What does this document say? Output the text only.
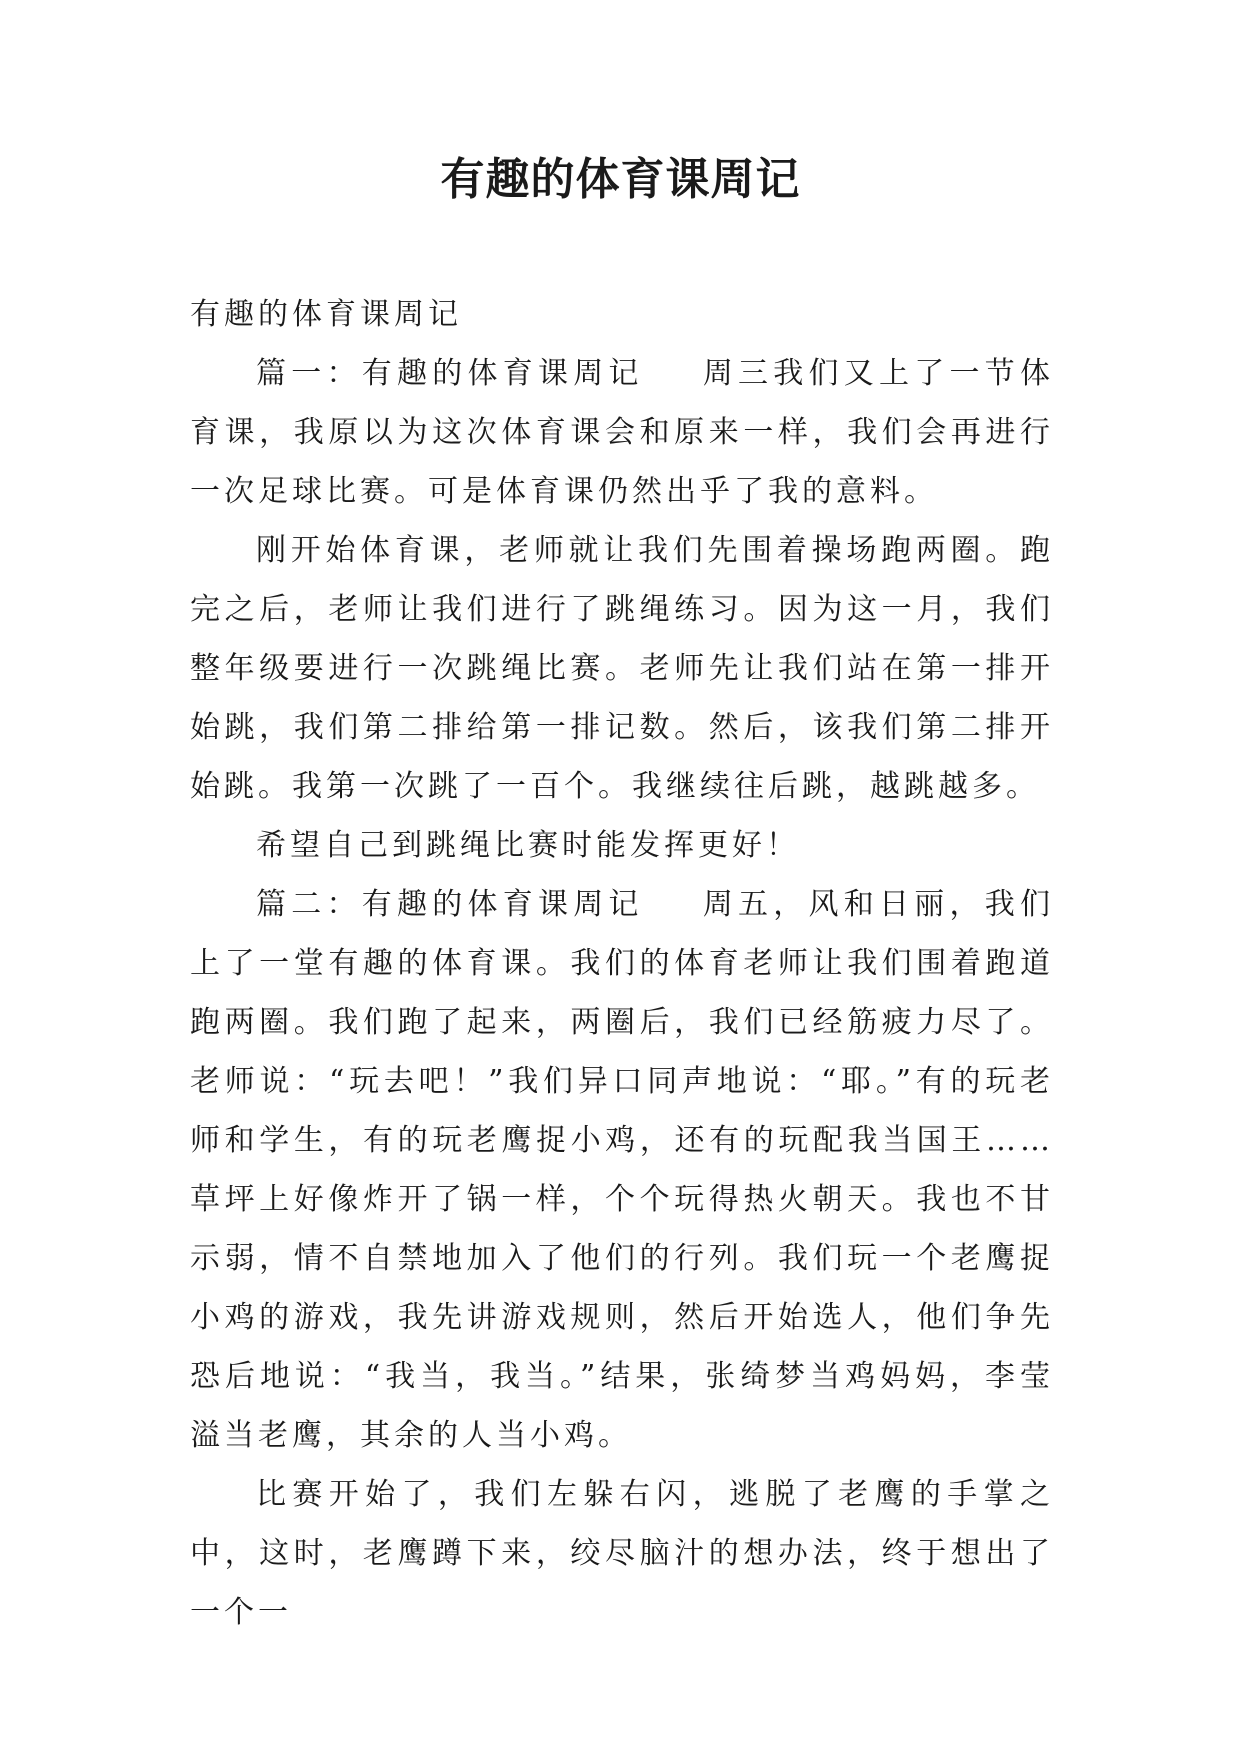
有趣的体育课周记

有趣的体育课周记

篇一：有趣的体育课周记 周三我们又上了一节体育课，我原以为这次体育课会和原来一样，我们会再进行一次足球比赛。可是体育课仍然出乎了我的意料。

刚开始体育课，老师就让我们先围着操场跑两圈。跑完之后，老师让我们进行了跳绳练习。因为这一月，我们整年级要进行一次跳绳比赛。老师先让我们站在第一排开始跳，我们第二排给第一排记数。然后，该我们第二排开始跳。我第一次跳了一百个。我继续往后跳，越跳越多。

希望自己到跳绳比赛时能发挥更好！

篇二：有趣的体育课周记 周五，风和日丽，我们上了一堂有趣的体育课。我们的体育老师让我们围着跑道跑两圈。我们跑了起来，两圈后，我们已经筋疲力尽了。老师说：“玩去吧！”我们异口同声地说：“耶。”有的玩老师和学生，有的玩老鹰捉小鸡，还有的玩配我当国王……草坪上好像炸开了锅一样，个个玩得热火朝天。我也不甘示弱，情不自禁地加入了他们的行列。我们玩一个老鹰捉小鸡的游戏，我先讲游戏规则，然后开始选人，他们争先恐后地说：“我当，我当。”结果，张绮梦当鸡妈妈，李莹溢当老鹰，其余的人当小鸡。

比赛开始了，我们左躲右闪，逃脱了老鹰的手掌之中，这时，老鹰蹲下来，绞尽脑汁的想办法，终于想出了一个一
